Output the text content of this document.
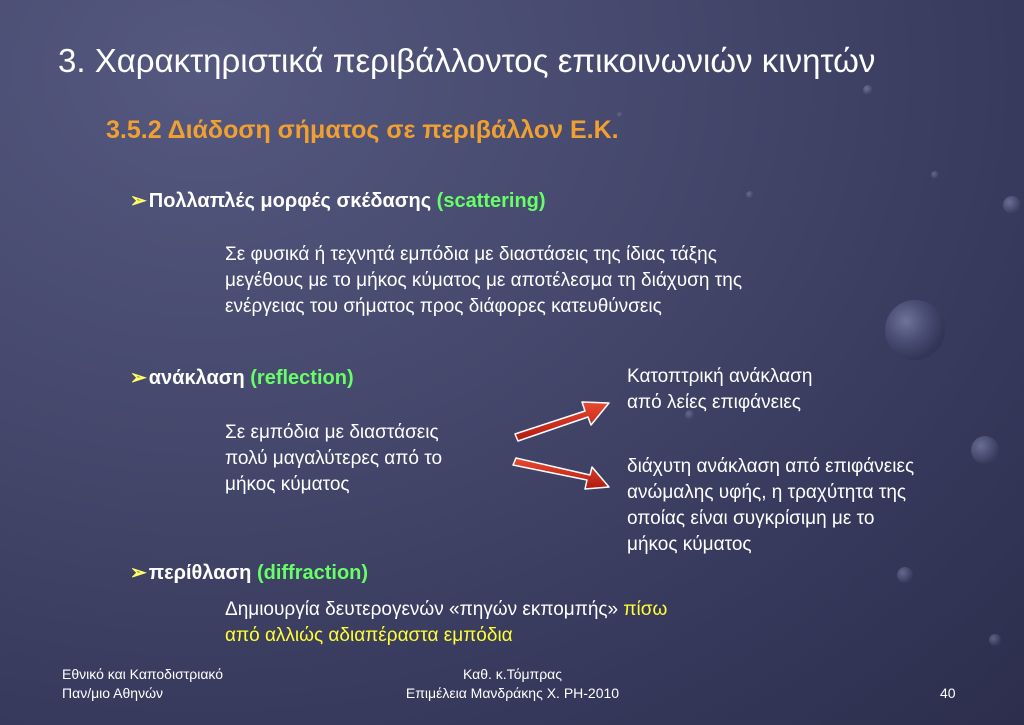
3. Χαρακτηριστικά περιβάλλοντος επικοινωνιών κινητών
3.5.2 Διάδοση σήματος σε περιβάλλον Ε.Κ.
➢ Πολλαπλές μορφές σκέδασης (scattering)
Σε φυσικά ή τεχνητά εμπόδια με διαστάσεις της ίδιας τάξης
μεγέθους με το μήκος κύματος με αποτέλεσμα τη διάχυση της
ενέργειας του σήματος προς διάφορες κατευθύνσεις
➢ ανάκλαση (reflection)
Σε εμπόδια με διαστάσεις
πολύ μαγαλύτερες από το
μήκος κύματος
Κατοπτρική ανάκλαση
από λείες επιφάνειες
διάχυτη ανάκλαση από επιφάνειες
ανώμαλης υφής, η τραχύτητα της
οποίας είναι συγκρίσιμη με το
μήκος κύματος
➢ περίθλαση (diffraction)
Δημιουργία δευτερογενών «πηγών εκπομπής» πίσω
από αλλιώς αδιαπέραστα εμπόδια
Εθνικό και Καποδιστριακό
Παν/μιο Αθηνών
Καθ. κ.Τόμπρας
Επιμέλεια Μανδράκης Χ. PH-2010	40
